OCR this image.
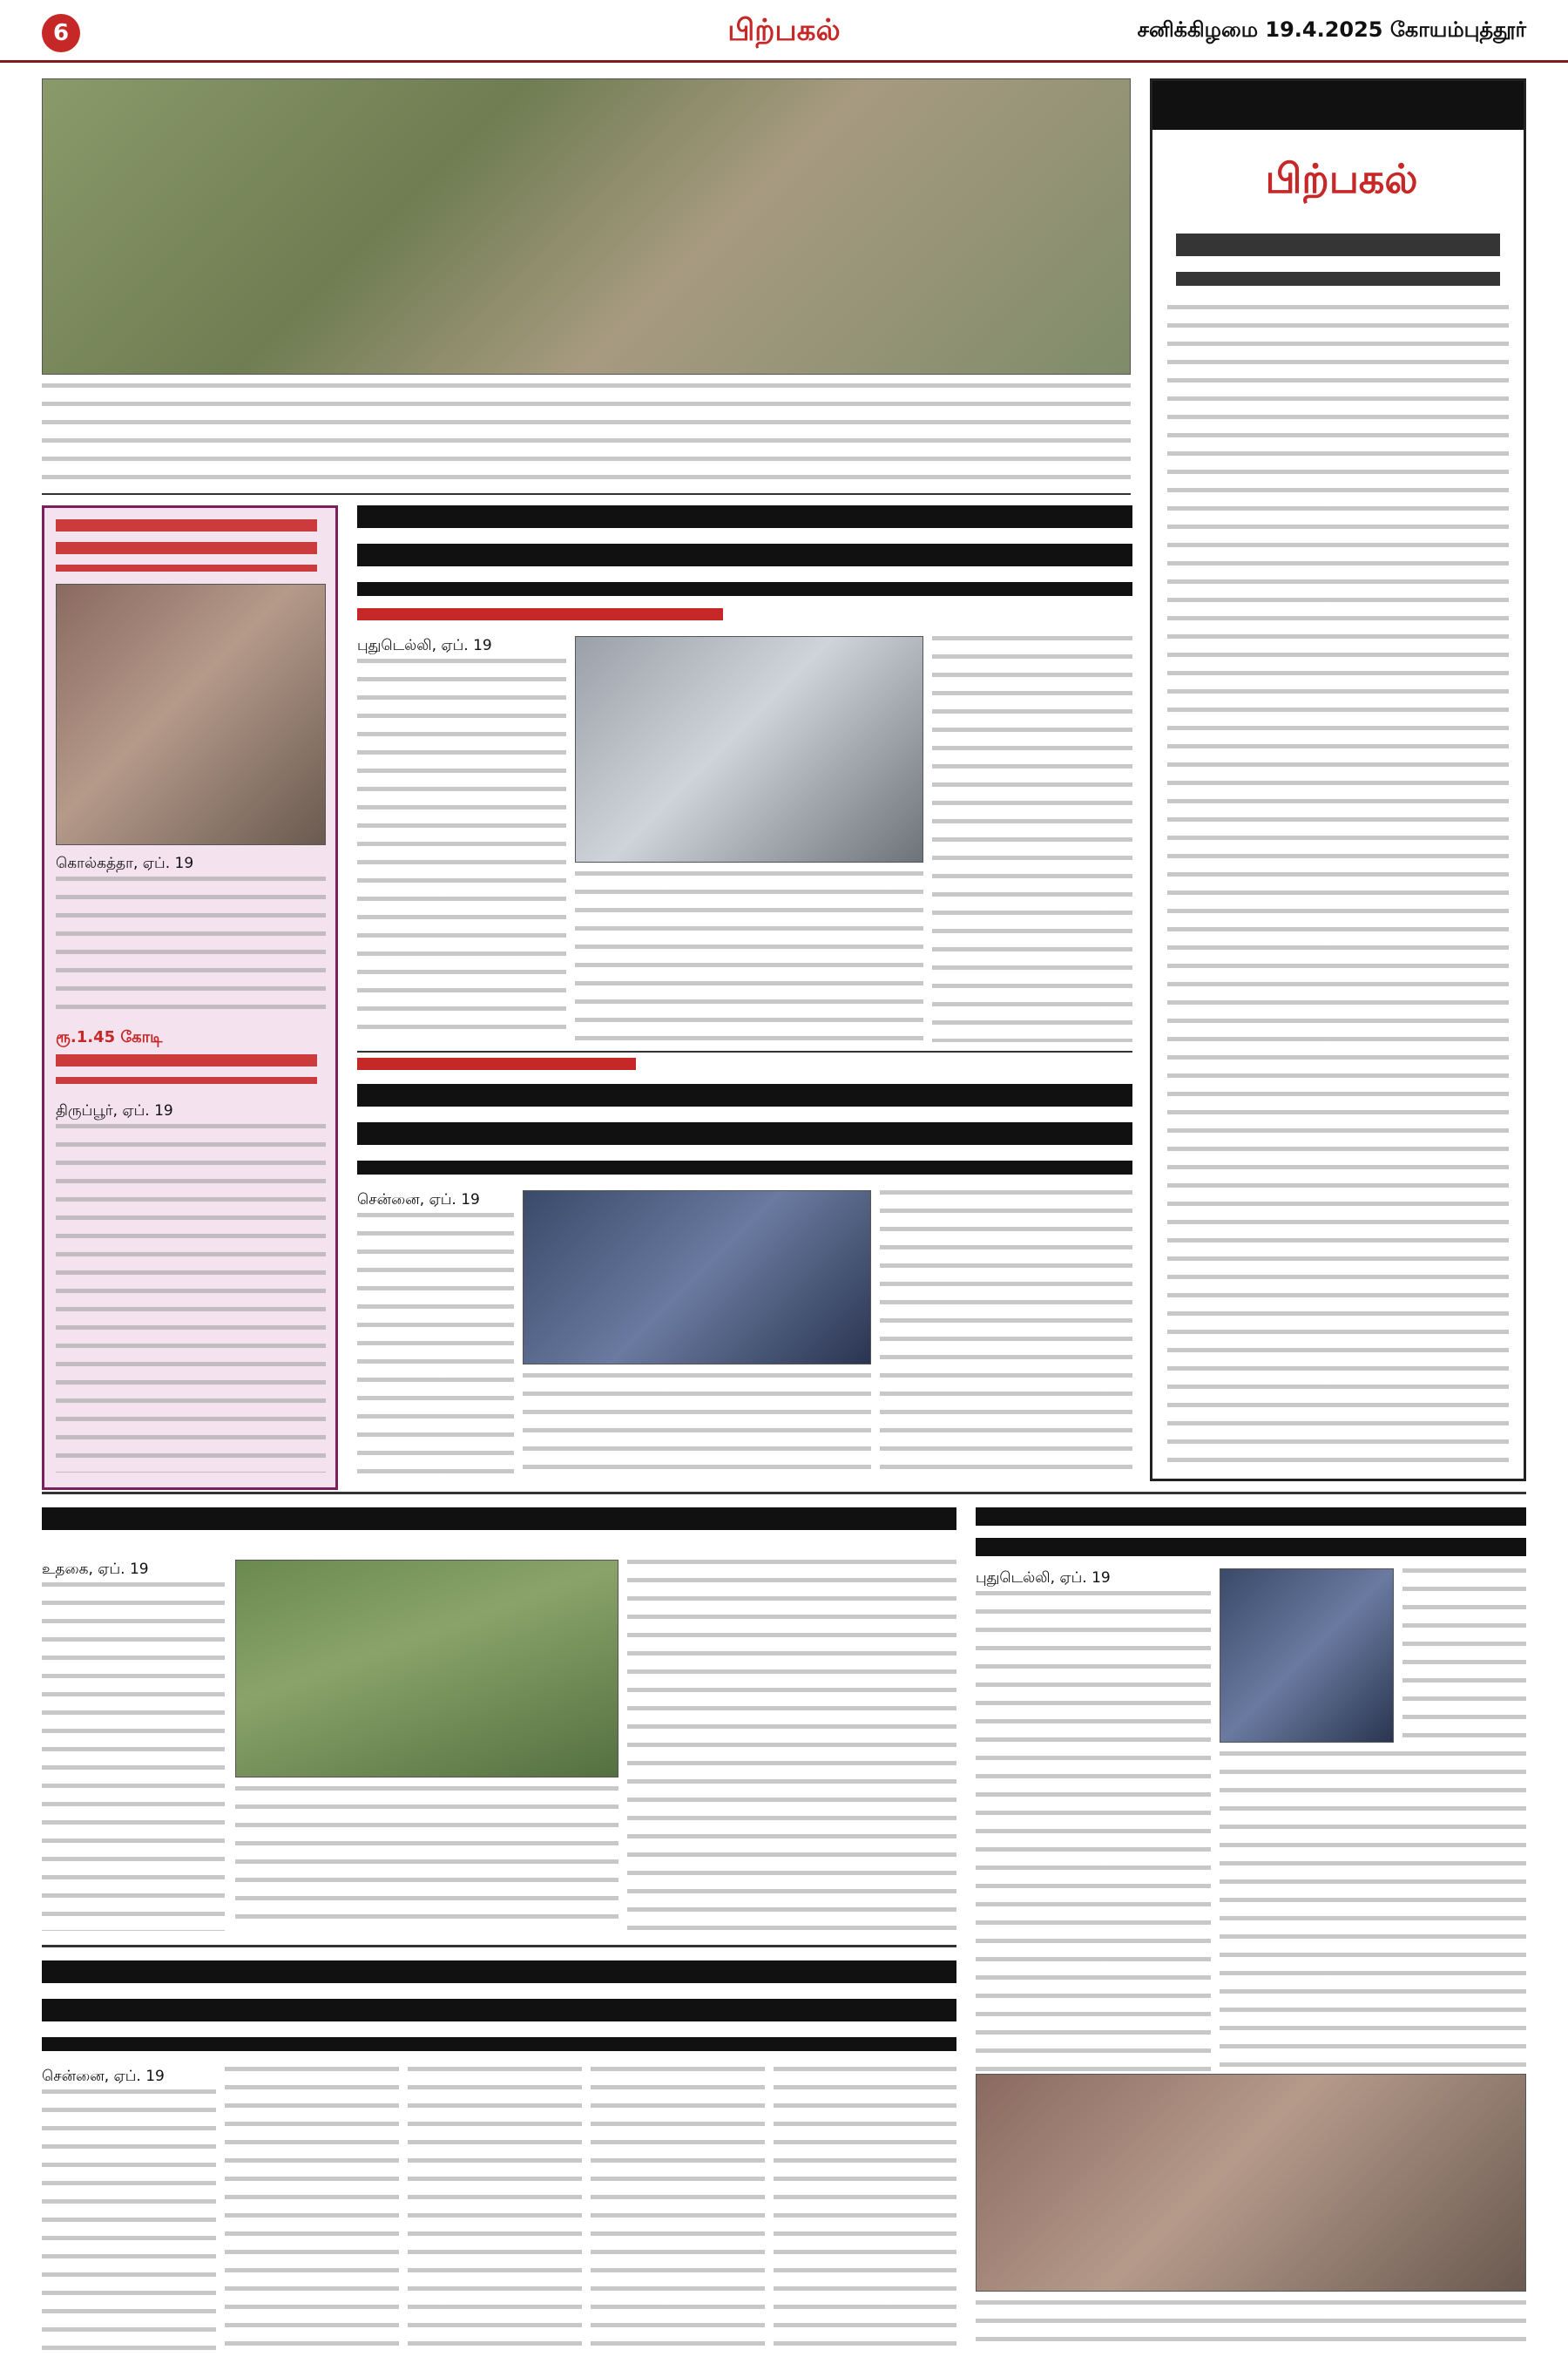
6	பிற்பகல்	சனிக்கிழமை 19.4.2025 கோயம்புத்தூர்
பிற்பகல்
கொல்கத்தா, ஏப். 19
ரூ.1.45 கோடி
திருப்பூர், ஏப். 19
புதுடெல்லி, ஏப். 19
சென்னை, ஏப். 19
உதகை, ஏப். 19	புதுடெல்லி, ஏப். 19
சென்னை, ஏப். 19
